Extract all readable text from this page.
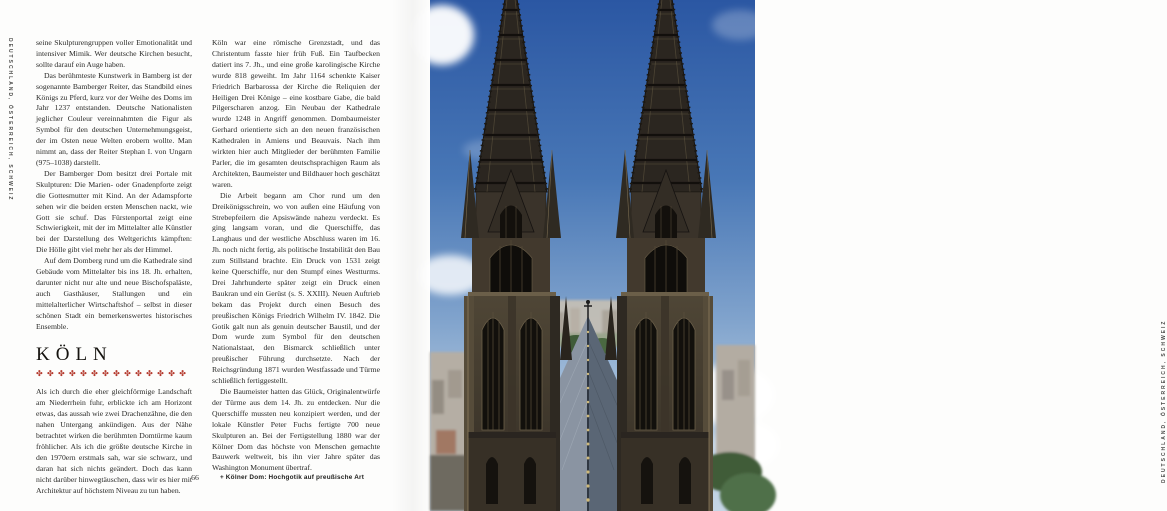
DEUTSCHLAND, ÖSTERREICH, SCHWEIZ	seine Skulpturengruppen voller Emotionalität und intensiver Mimik. Wer deutsche Kirchen besucht, sollte darauf ein Auge haben.

Das berühmteste Kunstwerk in Bamberg ist der sogenannte Bamberger Reiter, das Standbild eines Königs zu Pferd, kurz vor der Weihe des Doms im Jahr 1237 entstanden. Deutsche Nationalisten jeglicher Couleur vereinnahmten die Figur als Symbol für den deutschen Unternehmungsgeist, der im Osten neue Welten erobern wollte. Man nimmt an, dass der Reiter Stephan I. von Ungarn (975–1038) darstellt.

Der Bamberger Dom besitzt drei Portale mit Skulpturen: Die Marien- oder Gnadenpforte zeigt die Gottesmutter mit Kind. An der Adamspforte sehen wir die beiden ersten Menschen nackt, wie Gott sie schuf. Das Fürstenportal zeigt eine Schwierigkeit, mit der im Mittelalter alle Künstler bei der Darstellung des Weltgerichts kämpften: Die Hölle gibt viel mehr her als der Himmel.

Auf dem Domberg rund um die Kathedrale sind Gebäude vom Mittelalter bis ins 18. Jh. erhalten, darunter nicht nur alte und neue Bischofspaläste, auch Gasthäuser, Stallungen und ein mittelalterlicher Wirtschaftshof – selbst in dieser schönen Stadt ein bemerkenswertes historisches Ensemble.

KÖLN
✤ ✤ ✤ ✤ ✤ ✤ ✤ ✤ ✤ ✤ ✤ ✤ ✤ ✤

Als ich durch die eher gleichförmige Landschaft am Niederrhein fuhr, erblickte ich am Horizont etwas, das aussah wie zwei Drachenzähne, die den nahen Untergang ankündigen. Aus der Nähe betrachtet wirken die berühmten Domtürme kaum fröhlicher. Als ich die größte deutsche Kirche in den 1970ern erstmals sah, war sie schwarz, und daran hat sich nichts geändert. Doch das kann nicht darüber hinwegtäuschen, dass wir es hier mit Architektur auf höchstem Niveau zu tun haben.

Köln war eine römische Grenzstadt, und das Christentum fasste hier früh Fuß. Ein Taufbecken datiert ins 7. Jh., und eine große karolingische Kirche wurde 818 geweiht. Im Jahr 1164 schenkte Kaiser Friedrich Barbarossa der Kirche die Reliquien der Heiligen Drei Könige – eine kostbare Gabe, die bald Pilgerscharen anzog. Ein Neubau der Kathedrale wurde 1248 in Angriff genommen. Dombaumeister Gerhard orientierte sich an den neuen französischen Kathedralen in Amiens und Beauvais. Nach ihm wirkten hier auch Mitglieder der berühmten Familie Parler, die im gesamten deutschsprachigen Raum als Architekten, Baumeister und Bildhauer hoch geschätzt waren.

Die Arbeit begann am Chor rund um den Dreikönigsschrein, wo von außen eine Häufung von Strebepfeilern die Apsiswände nahezu verdeckt. Es ging langsam voran, und die Querschiffe, das Langhaus und der westliche Abschluss waren im 16. Jh. noch nicht fertig, als politische Instabilität den Bau zum Stillstand brachte. Ein Druck von 1531 zeigt keine Querschiffe, nur den Stumpf eines Westturms. Drei Jahrhunderte später zeigt ein Druck einen Baukran und ein Gerüst (s. S. XXIII). Neuen Auftrieb bekam das Projekt durch einen Besuch des preußischen Königs Friedrich Wilhelm IV. 1842. Die Gotik galt nun als genuin deutscher Baustil, und der Dom wurde zum Symbol für den deutschen Nationalstaat, den Bismarck schließlich unter preußischer Führung durchsetzte. Nach der Reichsgründung 1871 wurden Westfassade und Türme schließlich fertiggestellt.

Die Baumeister hatten das Glück, Originalentwürfe der Türme aus dem 14. Jh. zu entdecken. Nur die Querschiffe mussten neu konzipiert werden, und der lokale Künstler Peter Fuchs fertigte 700 neue Skulpturen an. Bei der Fertigstellung 1880 war der Kölner Dom das höchste von Menschen gemachte Bauwerk weltweit, bis ihn vier Jahre später das Washington Monument übertraf.

+ Kölner Dom: Hochgotik auf preußische Art

66	DEUTSCHLAND, ÖSTERREICH, SCHWEIZ
